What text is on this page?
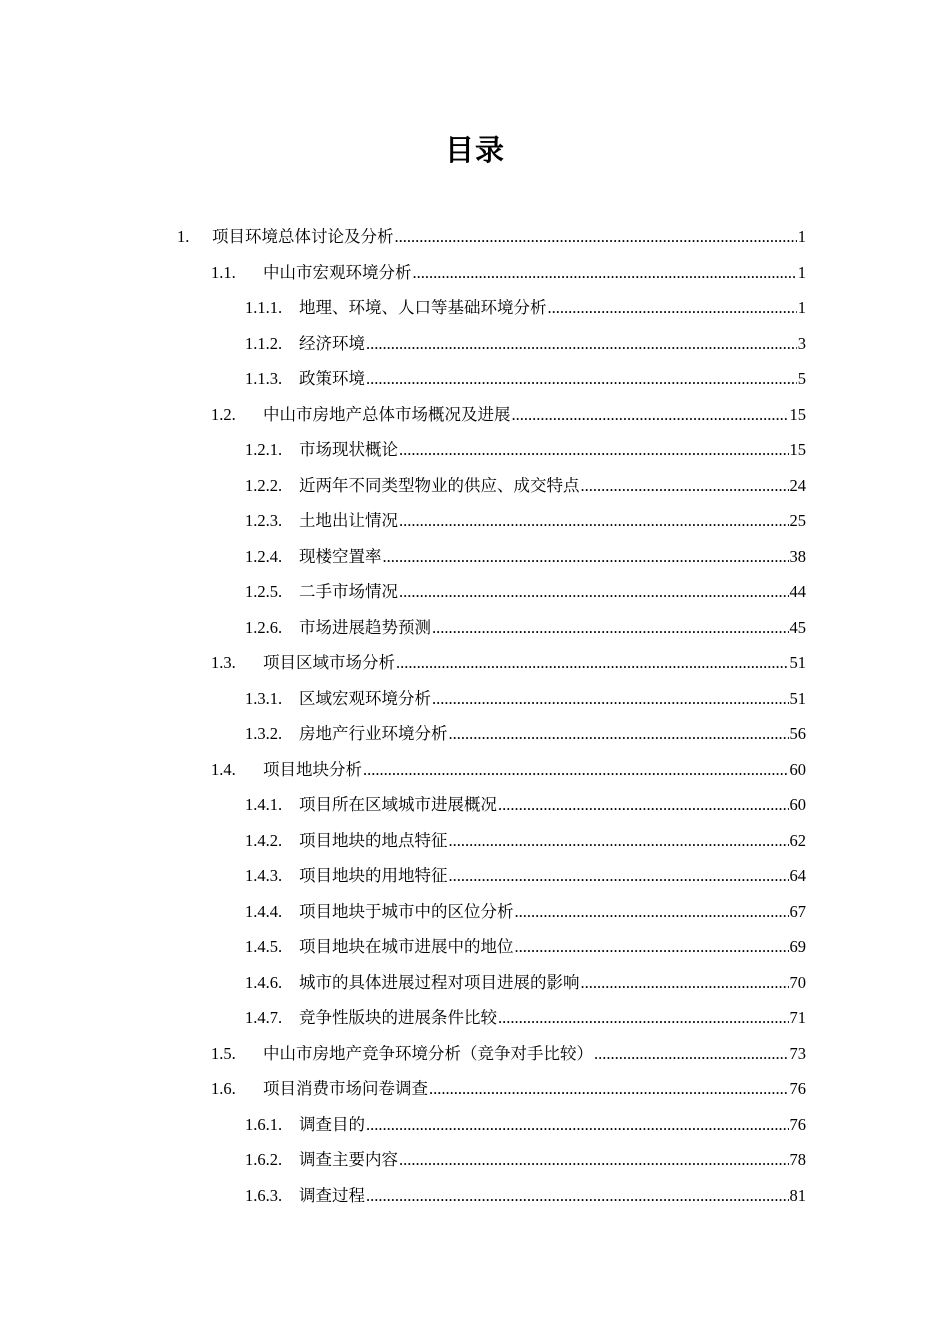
目录
1.	项目环境总体讨论及分析 .....	1
1.1.	中山市宏观环境分析 .....	1
1.1.1.	地理、环境、人口等基础环境分析 .....	1
1.1.2.	经济环境 .....	3
1.1.3.	政策环境 .....	5
1.2.	中山市房地产总体市场概况及进展 .....	15
1.2.1.	市场现状概论 .....	15
1.2.2.	近两年不同类型物业的供应、成交特点 .....	24
1.2.3.	土地出让情况 .....	25
1.2.4.	现楼空置率 .....	38
1.2.5.	二手市场情况 .....	44
1.2.6.	市场进展趋势预测 .....	45
1.3.	项目区域市场分析 .....	51
1.3.1.	区域宏观环境分析 .....	51
1.3.2.	房地产行业环境分析 .....	56
1.4.	项目地块分析 .....	60
1.4.1.	项目所在区域城市进展概况 .....	60
1.4.2.	项目地块的地点特征 .....	62
1.4.3.	项目地块的用地特征 .....	64
1.4.4.	项目地块于城市中的区位分析 .....	67
1.4.5.	项目地块在城市进展中的地位 .....	69
1.4.6.	城市的具体进展过程对项目进展的影响 .....	70
1.4.7.	竞争性版块的进展条件比较 .....	71
1.5.	中山市房地产竞争环境分析（竞争对手比较） .....	73
1.6.	项目消费市场问卷调查 .....	76
1.6.1.	调查目的 .....	76
1.6.2.	调查主要内容 .....	78
1.6.3.	调查过程 .....	81
